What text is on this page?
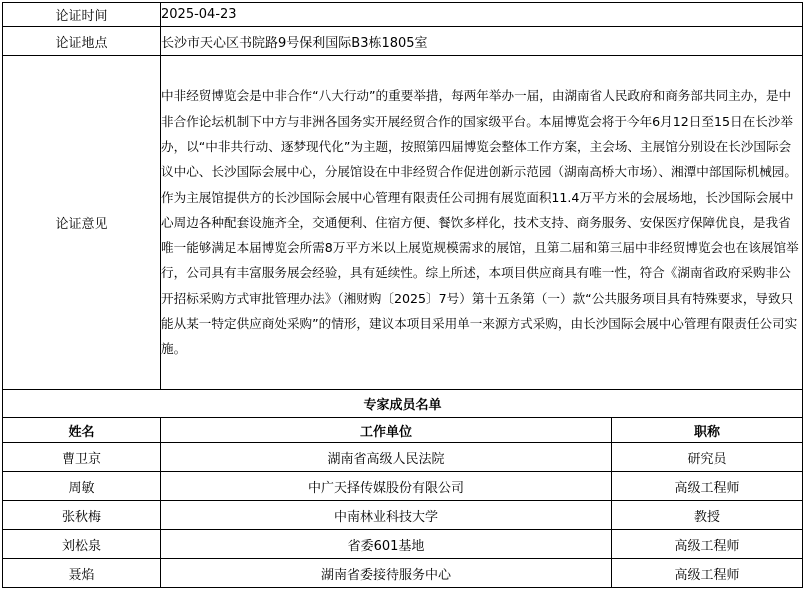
论证时间	2025-04-23	
论证地点	长沙市天心区书院路9号保利国际B3栋1805室	
论证意见	中非经贸博览会是中非合作“八大行动”的重要举措，每两年举办一届，由湖南省人民政府和商务部共同主办，是中非合作论坛机制下中方与非洲各国务实开展经贸合作的国家级平台。本届博览会将于今年6月12日至15日在长沙举办，以“中非共行动、逐梦现代化”为主题，按照第四届博览会整体工作方案，主会场、主展馆分别设在长沙国际会议中心、长沙国际会展中心，分展馆设在中非经贸合作促进创新示范园（湖南高桥大市场）、湘潭中部国际机械园。作为主展馆提供方的长沙国际会展中心管理有限责任公司拥有展览面积11.4万平方米的会展场地，长沙国际会展中心周边各种配套设施齐全，交通便利、住宿方便、餐饮多样化，技术支持、商务服务、安保医疗保障优良，是我省唯一能够满足本届博览会所需8万平方米以上展览规模需求的展馆，且第二届和第三届中非经贸博览会也在该展馆举行，公司具有丰富服务展会经验，具有延续性。综上所述，本项目供应商具有唯一性，符合《湖南省政府采购非公开招标采购方式审批管理办法》（湘财购〔2025〕7号）第十五条第（一）款“公共服务项目具有特殊要求，导致只能从某一特定供应商处采购”的情形，建议本项目采用单一来源方式采购，由长沙国际会展中心管理有限责任公司实施。	
专家成员名单		
姓名	工作单位	职称
曹卫京	湖南省高级人民法院	研究员
周敏	中广天择传媒股份有限公司	高级工程师
张秋梅	中南林业科技大学	教授
刘松泉	省委601基地	高级工程师
聂焰	湖南省委接待服务中心	高级工程师
